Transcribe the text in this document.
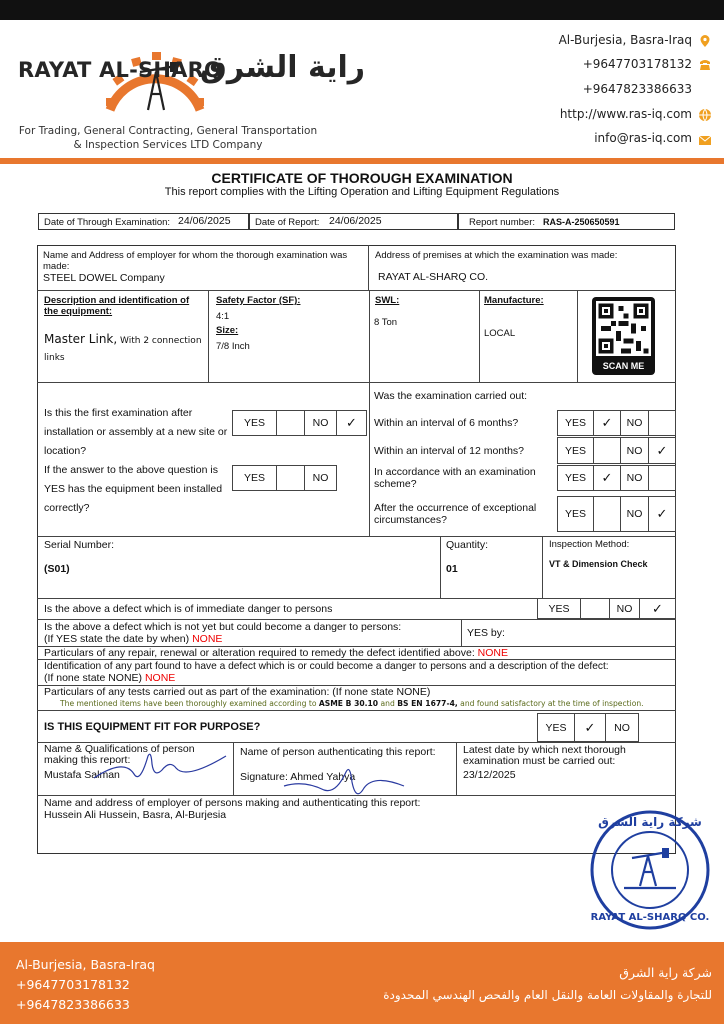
RAYAT AL-SHARQ
راية الشرق
For Trading, General Contracting, General Transportation
& Inspection Services LTD Company
Al-Burjesia, Basra-Iraq
+9647703178132
+9647823386633
http://www.ras-iq.com
info@ras-iq.com
CERTIFICATE OF THOROUGH EXAMINATION
This report complies with the Lifting Operation and Lifting Equipment Regulations
Date of Through Examination: 24/06/2025	Date of Report: 24/06/2025	Report number: RAS-A-250650591
Name and Address of employer for whom the thorough examination was made:
STEEL DOWEL Company
Address of premises at which the examination was made:
RAYAT AL-SHARQ CO.
Description and identification of the equipment:
Master Link, With 2 connection links
Safety Factor (SF):
4:1
Size:
7/8 Inch
SWL:
8 Ton
Manufacture:
LOCAL
SCAN ME
Is this the first examination after installation or assembly at a new site or location?
YES	NO	✓
If the answer to the above question is YES has the equipment been installed correctly?
YES	NO
Was the examination carried out:
Within an interval of 6 months?	YES	✓	NO
Within an interval of 12 months?	YES	NO	✓
In accordance with an examination scheme?	YES	✓	NO
After the occurrence of exceptional circumstances?	YES	NO	✓
Serial Number:
(S01)
Quantity:
01
Inspection Method:
VT & Dimension Check
Is the above a defect which is of immediate danger to persons	YES	NO	✓
Is the above a defect which is not yet but could become a danger to persons:
(If YES state the date by when) NONE	YES by:
Particulars of any repair, renewal or alteration required to remedy the defect identified above: NONE
Identification of any part found to have a defect which is or could become a danger to persons and a description of the defect:
(If none state NONE) NONE
Particulars of any tests carried out as part of the examination: (If none state NONE)
The mentioned items have been thoroughly examined according to ASME B 30.10 and BS EN 1677-4, and found satisfactory at the time of inspection.
IS THIS EQUIPMENT FIT FOR PURPOSE?	YES	✓	NO
Name & Qualifications of person making this report:
Mustafa Salman
Name of person authenticating this report:
Signature: Ahmed Yahya
Latest date by which next thorough examination must be carried out:
23/12/2025
Name and address of employer of persons making and authenticating this report:
Hussein Ali Hussein, Basra, Al-Burjesia	شركة راية الشرق
RAYAT AL-SHARQ CO.
Al-Burjesia, Basra-Iraq
+9647703178132
+9647823386633
شركة راية الشرق
للتجارة والمقاولات العامة والنقل العام والفحص الهندسي المحدودة
